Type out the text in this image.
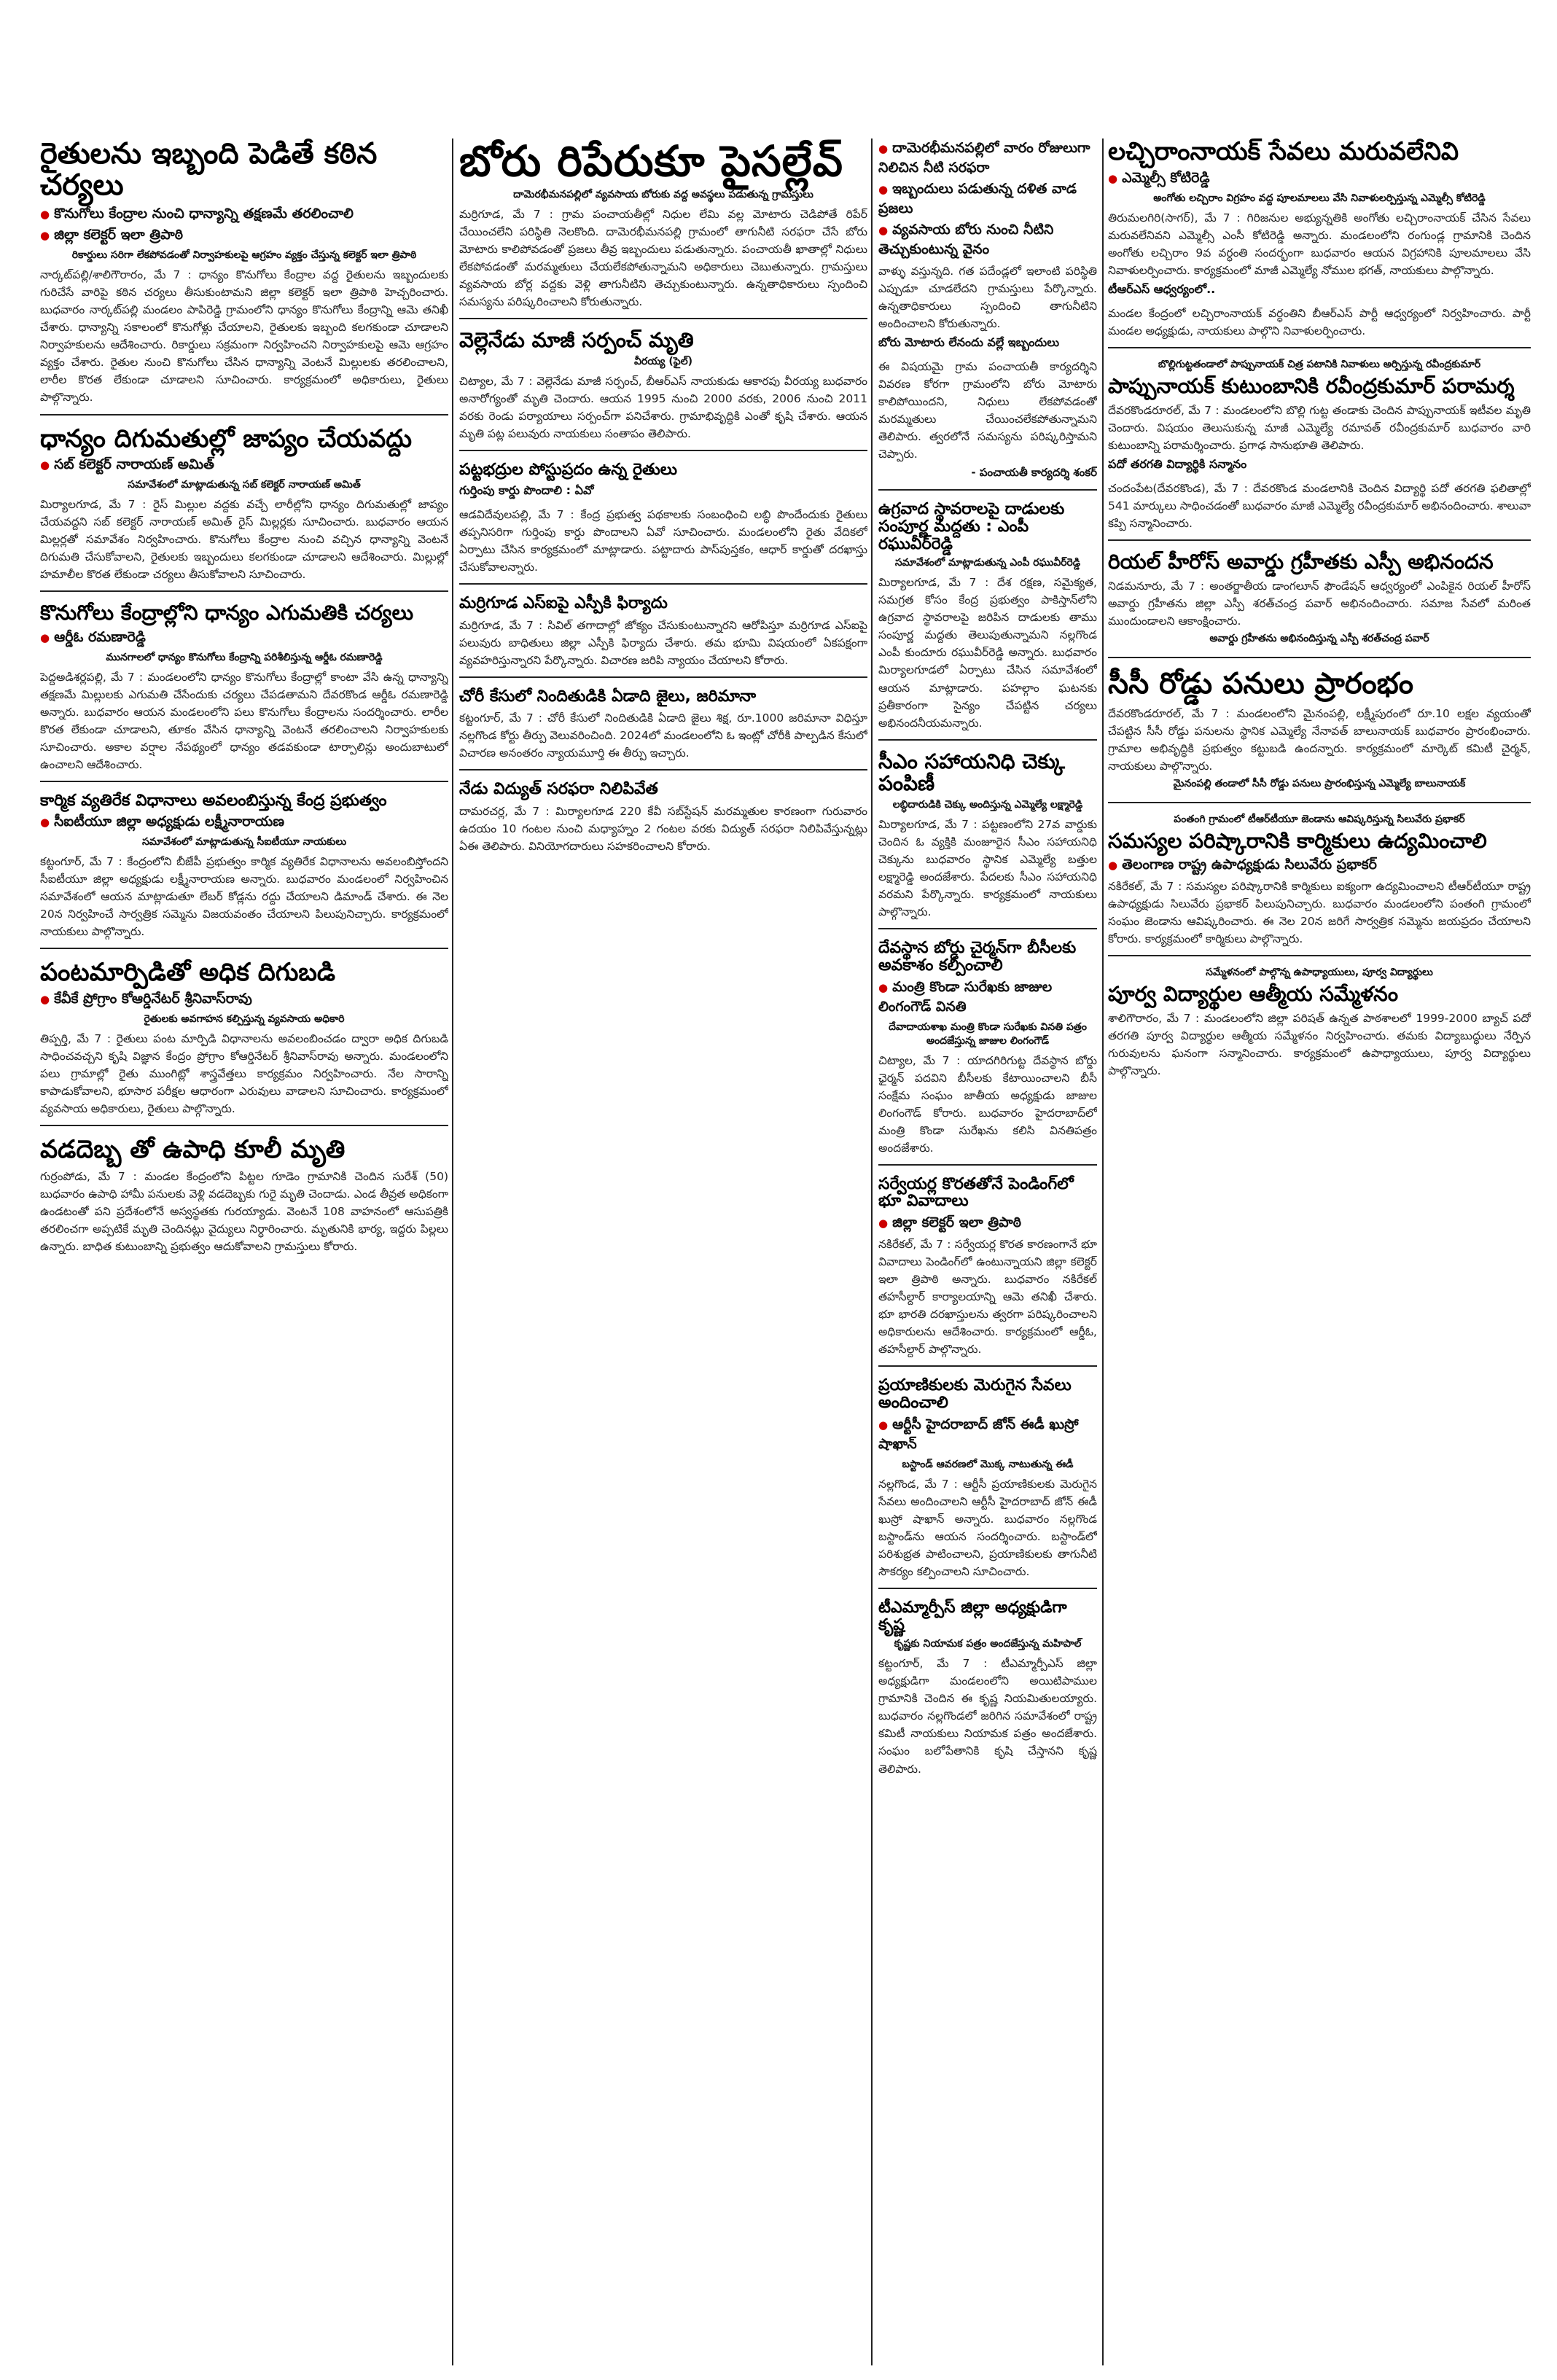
రైతులను ఇబ్బంది పెడితే కఠిన చర్యలు
● కొనుగోలు కేంద్రాల నుంచి ధాన్యాన్ని తక్షణమే తరలించాలి
● జిల్లా కలెక్టర్ ఇలా త్రిపాఠి
రికార్డులు సరిగా లేకపోవడంతో నిర్వాహకులపై ఆగ్రహం వ్యక్తం చేస్తున్న కలెక్టర్ ఇలా త్రిపాఠి
నార్కట్‌పల్లి/శాలిగౌరారం, మే 7 : ధాన్యం కొనుగోలు కేంద్రాల వద్ద రైతులను ఇబ్బందులకు గురిచేసే వారిపై కఠిన చర్యలు తీసుకుంటామని జిల్లా కలెక్టర్ ఇలా త్రిపాఠి హెచ్చరించారు. బుధవారం నార్కట్‌పల్లి మండలం పాపిరెడ్డి గ్రామంలోని ధాన్యం కొనుగోలు కేంద్రాన్ని ఆమె తనిఖీ చేశారు. ధాన్యాన్ని సకాలంలో కొనుగోళ్లు చేయాలని, రైతులకు ఇబ్బంది కలగకుండా చూడాలని నిర్వాహకులను ఆదేశించారు. రికార్డులు సక్రమంగా నిర్వహించని నిర్వాహకులపై ఆమె ఆగ్రహం వ్యక్తం చేశారు. రైతుల నుంచి కొనుగోలు చేసిన ధాన్యాన్ని వెంటనే మిల్లులకు తరలించాలని, లారీల కొరత లేకుండా చూడాలని సూచించారు. కార్యక్రమంలో అధికారులు, రైతులు పాల్గొన్నారు.
ధాన్యం దిగుమతుల్లో జాప్యం చేయవద్దు
● సబ్ కలెక్టర్ నారాయణ్ అమిత్
సమావేశంలో మాట్లాడుతున్న సబ్ కలెక్టర్ నారాయణ్ అమిత్
మిర్యాలగూడ, మే 7 : రైస్ మిల్లుల వద్దకు వచ్చే లారీల్లోని ధాన్యం దిగుమతుల్లో జాప్యం చేయవద్దని సబ్ కలెక్టర్ నారాయణ్ అమిత్ రైస్ మిల్లర్లకు సూచించారు. బుధవారం ఆయన మిల్లర్లతో సమావేశం నిర్వహించారు. కొనుగోలు కేంద్రాల నుంచి వచ్చిన ధాన్యాన్ని వెంటనే దిగుమతి చేసుకోవాలని, రైతులకు ఇబ్బందులు కలగకుండా చూడాలని ఆదేశించారు. మిల్లుల్లో హమాలీల కొరత లేకుండా చర్యలు తీసుకోవాలని సూచించారు.
కొనుగోలు కేంద్రాల్లోని ధాన్యం ఎగుమతికి చర్యలు
● ఆర్డీఓ రమణారెడ్డి
మునగాలలో ధాన్యం కొనుగోలు కేంద్రాన్ని పరిశీలిస్తున్న ఆర్డీఓ రమణారెడ్డి
పెద్దఅడిశర్లపల్లి, మే 7 : మండలంలోని ధాన్యం కొనుగోలు కేంద్రాల్లో కాంటా వేసి ఉన్న ధాన్యాన్ని తక్షణమే మిల్లులకు ఎగుమతి చేసేందుకు చర్యలు చేపడతామని దేవరకొండ ఆర్డీఓ రమణారెడ్డి అన్నారు. బుధవారం ఆయన మండలంలోని పలు కొనుగోలు కేంద్రాలను సందర్శించారు. లారీల కొరత లేకుండా చూడాలని, తూకం వేసిన ధాన్యాన్ని వెంటనే తరలించాలని నిర్వాహకులకు సూచించారు. అకాల వర్షాల నేపథ్యంలో ధాన్యం తడవకుండా టార్పాలిన్లు అందుబాటులో ఉంచాలని ఆదేశించారు.
కార్మిక వ్యతిరేక విధానాలు అవలంబిస్తున్న కేంద్ర ప్రభుత్వం
● సీఐటీయూ జిల్లా అధ్యక్షుడు లక్ష్మీనారాయణ
సమావేశంలో మాట్లాడుతున్న సీఐటీయూ నాయకులు
కట్టంగూర్, మే 7 : కేంద్రంలోని బీజేపీ ప్రభుత్వం కార్మిక వ్యతిరేక విధానాలను అవలంబిస్తోందని సీఐటీయూ జిల్లా అధ్యక్షుడు లక్ష్మీనారాయణ అన్నారు. బుధవారం మండలంలో నిర్వహించిన సమావేశంలో ఆయన మాట్లాడుతూ లేబర్ కోడ్లను రద్దు చేయాలని డిమాండ్ చేశారు. ఈ నెల 20న నిర్వహించే సార్వత్రిక సమ్మెను విజయవంతం చేయాలని పిలుపునిచ్చారు. కార్యక్రమంలో నాయకులు పాల్గొన్నారు.
పంటమార్పిడితో అధిక దిగుబడి
● కేవీకే ప్రోగ్రాం కోఆర్డినేటర్ శ్రీనివాస్‌రావు
రైతులకు అవగాహన కల్పిస్తున్న వ్యవసాయ అధికారి
తిప్పర్తి, మే 7 : రైతులు పంట మార్పిడి విధానాలను అవలంబించడం ద్వారా అధిక దిగుబడి సాధించవచ్చని కృషి విజ్ఞాన కేంద్రం ప్రోగ్రాం కోఆర్డినేటర్ శ్రీనివాస్‌రావు అన్నారు. మండలంలోని పలు గ్రామాల్లో రైతు ముంగిట్లో శాస్త్రవేత్తలు కార్యక్రమం నిర్వహించారు. నేల సారాన్ని కాపాడుకోవాలని, భూసార పరీక్షల ఆధారంగా ఎరువులు వాడాలని సూచించారు. కార్యక్రమంలో వ్యవసాయ అధికారులు, రైతులు పాల్గొన్నారు.
వడదెబ్బ తో ఉపాధి కూలీ మృతి
గుర్రంపోడు, మే 7 : మండల కేంద్రంలోని పిట్టల గూడెం గ్రామానికి చెందిన సురేశ్ (50) బుధవారం ఉపాధి హామీ పనులకు వెళ్లి వడదెబ్బకు గురై మృతి చెందాడు. ఎండ తీవ్రత అధికంగా ఉండటంతో పని ప్రదేశంలోనే అస్వస్థతకు గురయ్యాడు. వెంటనే 108 వాహనంలో ఆసుపత్రికి తరలించగా అప్పటికే మృతి చెందినట్లు వైద్యులు నిర్ధారించారు. మృతునికి భార్య, ఇద్దరు పిల్లలు ఉన్నారు. బాధిత కుటుంబాన్ని ప్రభుత్వం ఆదుకోవాలని గ్రామస్తులు కోరారు.
బోరు రిపేరుకూ పైసల్లేవ్
దామెరభీమనపల్లిలో వ్యవసాయ బోరుకు వద్ద అవస్థలు పడుతున్న గ్రామస్తులు
మర్రిగూడ, మే 7 : గ్రామ పంచాయతీల్లో నిధుల లేమి వల్ల మోటారు చెడిపోతే రిపేర్ చేయించలేని పరిస్థితి నెలకొంది. దామెరభీమనపల్లి గ్రామంలో తాగునీటి సరఫరా చేసే బోరు మోటారు కాలిపోవడంతో ప్రజలు తీవ్ర ఇబ్బందులు పడుతున్నారు. పంచాయతీ ఖాతాల్లో నిధులు లేకపోవడంతో మరమ్మతులు చేయలేకపోతున్నామని అధికారులు చెబుతున్నారు. గ్రామస్తులు వ్యవసాయ బోర్ల వద్దకు వెళ్లి తాగునీటిని తెచ్చుకుంటున్నారు. ఉన్నతాధికారులు స్పందించి సమస్యను పరిష్కరించాలని కోరుతున్నారు.
వెల్లెనేడు మాజీ సర్పంచ్ మృతి
వీరయ్య (ఫైల్)
చిట్యాల, మే 7 : వెల్లెనేడు మాజీ సర్పంచ్, బీఆర్ఎస్ నాయకుడు ఆకారపు వీరయ్య బుధవారం అనారోగ్యంతో మృతి చెందారు. ఆయన 1995 నుంచి 2000 వరకు, 2006 నుంచి 2011 వరకు రెండు పర్యాయాలు సర్పంచ్‌గా పనిచేశారు. గ్రామాభివృద్ధికి ఎంతో కృషి చేశారు. ఆయన మృతి పట్ల పలువురు నాయకులు సంతాపం తెలిపారు.
పట్టభద్రుల పోస్టుప్రదం ఉన్న రైతులు
గుర్తింపు కార్డు పొందాలి : ఏవో
ఆడవిదేవులపల్లి, మే 7 : కేంద్ర ప్రభుత్వ పథకాలకు సంబంధించి లబ్ధి పొందేందుకు రైతులు తప్పనిసరిగా గుర్తింపు కార్డు పొందాలని ఏవో సూచించారు. మండలంలోని రైతు వేదికలో ఏర్పాటు చేసిన కార్యక్రమంలో మాట్లాడారు. పట్టాదారు పాస్‌పుస్తకం, ఆధార్ కార్డుతో దరఖాస్తు చేసుకోవాలన్నారు.
మర్రిగూడ ఎస్ఐపై ఎస్పీకి ఫిర్యాదు
మర్రిగూడ, మే 7 : సివిల్ తగాదాల్లో జోక్యం చేసుకుంటున్నారని ఆరోపిస్తూ మర్రిగూడ ఎస్ఐపై పలువురు బాధితులు జిల్లా ఎస్పీకి ఫిర్యాదు చేశారు. తమ భూమి విషయంలో ఏకపక్షంగా వ్యవహరిస్తున్నారని పేర్కొన్నారు. విచారణ జరిపి న్యాయం చేయాలని కోరారు.
చోరీ కేసులో నిందితుడికి ఏడాది జైలు, జరిమానా
కట్టంగూర్, మే 7 : చోరీ కేసులో నిందితుడికి ఏడాది జైలు శిక్ష, రూ.1000 జరిమానా విధిస్తూ నల్లగొండ కోర్టు తీర్పు వెలువరించింది. 2024లో మండలంలోని ఓ ఇంట్లో చోరీకి పాల్పడిన కేసులో విచారణ అనంతరం న్యాయమూర్తి ఈ తీర్పు ఇచ్చారు.
నేడు విద్యుత్ సరఫరా నిలిపివేత
దామరచర్ల, మే 7 : మిర్యాలగూడ 220 కేవీ సబ్‌స్టేషన్ మరమ్మతుల కారణంగా గురువారం ఉదయం 10 గంటల నుంచి మధ్యాహ్నం 2 గంటల వరకు విద్యుత్ సరఫరా నిలిపివేస్తున్నట్లు ఏఈ తెలిపారు. వినియోగదారులు సహకరించాలని కోరారు.
● దామెరభీమనపల్లిలో వారం రోజులుగా నిలిచిన నీటి సరఫరా
● ఇబ్బందులు పడుతున్న దళిత వాడ ప్రజలు
● వ్యవసాయ బోరు నుంచి నీటిని తెచ్చుకుంటున్న వైనం
వాళ్ళు వస్తున్నది. గత పదేండ్లలో ఇలాంటి పరిస్థితి ఎప్పుడూ చూడలేదని గ్రామస్తులు పేర్కొన్నారు. ఉన్నతాధికారులు స్పందించి తాగునీటిని అందించాలని కోరుతున్నారు.
బోరు మోటారు లేనందు వల్లే ఇబ్బందులు
ఈ విషయమై గ్రామ పంచాయతీ కార్యదర్శిని వివరణ కోరగా గ్రామంలోని బోరు మోటారు కాలిపోయిందని, నిధులు లేకపోవడంతో మరమ్మతులు చేయించలేకపోతున్నామని తెలిపారు. త్వరలోనే సమస్యను పరిష్కరిస్తామని చెప్పారు.
- పంచాయతీ కార్యదర్శి శంకర్
ఉగ్రవాద స్థావరాలపై దాడులకు సంపూర్ణ మద్దతు : ఎంపీ రఘువీర్‌రెడ్డి
సమావేశంలో మాట్లాడుతున్న ఎంపీ రఘువీర్‌రెడ్డి
మిర్యాలగూడ, మే 7 : దేశ రక్షణ, సమైక్యత, సమగ్రత కోసం కేంద్ర ప్రభుత్వం పాకిస్తాన్‌లోని ఉగ్రవాద స్థావరాలపై జరిపిన దాడులకు తాము సంపూర్ణ మద్దతు తెలుపుతున్నామని నల్లగొండ ఎంపీ కుందూరు రఘువీర్‌రెడ్డి అన్నారు. బుధవారం మిర్యాలగూడలో ఏర్పాటు చేసిన సమావేశంలో ఆయన మాట్లాడారు. పహల్గాం ఘటనకు ప్రతీకారంగా సైన్యం చేపట్టిన చర్యలు అభినందనీయమన్నారు.
సీఎం సహాయనిధి చెక్కు పంపిణీ
లబ్ధిదారుడికి చెక్కు అందిస్తున్న ఎమ్మెల్యే లక్ష్మారెడ్డి
మిర్యాలగూడ, మే 7 : పట్టణంలోని 27వ వార్డుకు చెందిన ఓ వ్యక్తికి మంజూరైన సీఎం సహాయనిధి చెక్కును బుధవారం స్థానిక ఎమ్మెల్యే బత్తుల లక్ష్మారెడ్డి అందజేశారు. పేదలకు సీఎం సహాయనిధి వరమని పేర్కొన్నారు. కార్యక్రమంలో నాయకులు పాల్గొన్నారు.
దేవస్థాన బోర్డు చైర్మన్‌గా బీసీలకు అవకాశం కల్పించాలి
● మంత్రి కొండా సురేఖకు జాజుల లింగంగౌడ్ వినతి
దేవాదాయశాఖ మంత్రి కొండా సురేఖకు వినతి పత్రం అందజేస్తున్న జాజుల లింగంగౌడ్
చిట్యాల, మే 7 : యాదగిరిగుట్ట దేవస్థాన బోర్డు ఛైర్మన్ పదవిని బీసీలకు కేటాయించాలని బీసీ సంక్షేమ సంఘం జాతీయ అధ్యక్షుడు జాజుల లింగంగౌడ్ కోరారు. బుధవారం హైదరాబాద్‌లో మంత్రి కొండా సురేఖను కలిసి వినతిపత్రం అందజేశారు.
సర్వేయర్ల కొరతతోనే పెండింగ్‌లో భూ వివాదాలు
● జిల్లా కలెక్టర్ ఇలా త్రిపాఠి
నకిరేకల్, మే 7 : సర్వేయర్ల కొరత కారణంగానే భూ వివాదాలు పెండింగ్‌లో ఉంటున్నాయని జిల్లా కలెక్టర్ ఇలా త్రిపాఠి అన్నారు. బుధవారం నకిరేకల్ తహసీల్దార్ కార్యాలయాన్ని ఆమె తనిఖీ చేశారు. భూ భారతి దరఖాస్తులను త్వరగా పరిష్కరించాలని అధికారులను ఆదేశించారు. కార్యక్రమంలో ఆర్డీఓ, తహసీల్దార్ పాల్గొన్నారు.
ప్రయాణికులకు మెరుగైన సేవలు అందించాలి
● ఆర్టీసీ హైదరాబాద్ జోన్ ఈడీ ఖుస్రో షాఖాన్
బస్టాండ్ ఆవరణలో మొక్క నాటుతున్న ఈడీ
నల్లగొండ, మే 7 : ఆర్టీసీ ప్రయాణికులకు మెరుగైన సేవలు అందించాలని ఆర్టీసీ హైదరాబాద్ జోన్ ఈడీ ఖుస్రో షాఖాన్ అన్నారు. బుధవారం నల్లగొండ బస్టాండ్‌ను ఆయన సందర్శించారు. బస్టాండ్‌లో పరిశుభ్రత పాటించాలని, ప్రయాణికులకు తాగునీటి సౌకర్యం కల్పించాలని సూచించారు.
టీఎమ్మార్పీస్ జిల్లా అధ్యక్షుడిగా కృష్ణ
కృష్ణకు నియామక పత్రం అందజేస్తున్న మహిపాల్
కట్టంగూర్, మే 7 : టీఎమ్మార్పీఎస్ జిల్లా అధ్యక్షుడిగా మండలంలోని అయిటిపాముల గ్రామానికి చెందిన ఈ కృష్ణ నియమితులయ్యారు. బుధవారం నల్లగొండలో జరిగిన సమావేశంలో రాష్ట్ర కమిటీ నాయకులు నియామక పత్రం అందజేశారు. సంఘం బలోపేతానికి కృషి చేస్తానని కృష్ణ తెలిపారు.
లచ్చిరాంనాయక్ సేవలు మరువలేనివి
● ఎమ్మెల్సీ కోటిరెడ్డి
అంగోతు లచ్చిరాం విగ్రహం వద్ద పూలమాలలు వేసి నివాళులర్పిస్తున్న ఎమ్మెల్సీ కోటిరెడ్డి
తిరుమలగిరి(సాగర్), మే 7 : గిరిజనుల అభ్యున్నతికి అంగోతు లచ్చిరాంనాయక్ చేసిన సేవలు మరువలేనివని ఎమ్మెల్సీ ఎంసీ కోటిరెడ్డి అన్నారు. మండలంలోని రంగుండ్ల గ్రామానికి చెందిన అంగోతు లచ్చిరాం 9వ వర్ధంతి సందర్భంగా బుధవారం ఆయన విగ్రహానికి పూలమాలలు వేసి నివాళులర్పించారు. కార్యక్రమంలో మాజీ ఎమ్మెల్యే నోముల భగత్, నాయకులు పాల్గొన్నారు.
టీఆర్ఎస్ ఆధ్వర్యంలో..
మండల కేంద్రంలో లచ్చిరాంనాయక్ వర్ధంతిని బీఆర్ఎస్ పార్టీ ఆధ్వర్యంలో నిర్వహించారు. పార్టీ మండల అధ్యక్షుడు, నాయకులు పాల్గొని నివాళులర్పించారు.
బొల్లిగుట్టతండాలో పాప్పునాయక్ చిత్ర పటానికి నివాళులు అర్పిస్తున్న రవీంద్రకుమార్
పాప్పునాయక్ కుటుంబానికి రవీంద్రకుమార్ పరామర్శ
దేవరకొండరూరల్, మే 7 : మండలంలోని బొల్లి గుట్ట తండాకు చెందిన పాప్పునాయక్ ఇటీవల మృతి చెందారు. విషయం తెలుసుకున్న మాజీ ఎమ్మెల్యే రమావత్ రవీంద్రకుమార్ బుధవారం వారి కుటుంబాన్ని పరామర్శించారు. ప్రగాఢ సానుభూతి తెలిపారు.
పదో తరగతి విద్యార్థికి సన్మానం
చందంపేట(దేవరకొండ), మే 7 : దేవరకొండ మండలానికి చెందిన విద్యార్థి పదో తరగతి ఫలితాల్లో 541 మార్కులు సాధించడంతో బుధవారం మాజీ ఎమ్మెల్యే రవీంద్రకుమార్ అభినందించారు. శాలువా కప్పి సన్మానించారు.
రియల్ హీరోస్ అవార్డు గ్రహీతకు ఎస్పీ అభినందన
నిడమనూరు, మే 7 : అంతర్జాతీయ డాంగలూన్ ఫౌండేషన్ ఆధ్వర్యంలో ఎంపికైన రియల్ హీరోస్ అవార్డు గ్రహీతను జిల్లా ఎస్పీ శరత్‌చంద్ర పవార్ అభినందించారు. సమాజ సేవలో మరింత ముందుండాలని ఆకాంక్షించారు.
అవార్డు గ్రహీతను అభినందిస్తున్న ఎస్పీ శరత్‌చంద్ర పవార్
సీసీ రోడ్డు పనులు ప్రారంభం
దేవరకొండరూరల్, మే 7 : మండలంలోని మైనంపల్లి, లక్ష్మీపురంలో రూ.10 లక్షల వ్యయంతో చేపట్టిన సీసీ రోడ్డు పనులను స్థానిక ఎమ్మెల్యే నేనావత్ బాలునాయక్ బుధవారం ప్రారంభించారు. గ్రామాల అభివృద్ధికి ప్రభుత్వం కట్టుబడి ఉందన్నారు. కార్యక్రమంలో మార్కెట్ కమిటీ చైర్మన్, నాయకులు పాల్గొన్నారు.
మైనంపల్లి తండాలో సీసీ రోడ్డు పనులు ప్రారంభిస్తున్న ఎమ్మెల్యే బాలునాయక్
పంతంగి గ్రామంలో టీఆర్‌టీయూ జెండాను ఆవిష్కరిస్తున్న సిలువేరు ప్రభాకర్
సమస్యల పరిష్కారానికి కార్మికులు ఉద్యమించాలి
● తెలంగాణ రాష్ట్ర ఉపాధ్యక్షుడు సిలువేరు ప్రభాకర్
నకిరేకల్, మే 7 : సమస్యల పరిష్కారానికి కార్మికులు ఐక్యంగా ఉద్యమించాలని టీఆర్‌టీయూ రాష్ట్ర ఉపాధ్యక్షుడు సిలువేరు ప్రభాకర్ పిలుపునిచ్చారు. బుధవారం మండలంలోని పంతంగి గ్రామంలో సంఘం జెండాను ఆవిష్కరించారు. ఈ నెల 20న జరిగే సార్వత్రిక సమ్మెను జయప్రదం చేయాలని కోరారు. కార్యక్రమంలో కార్మికులు పాల్గొన్నారు.
సమ్మేళనంలో పాల్గొన్న ఉపాధ్యాయులు, పూర్వ విద్యార్థులు
పూర్వ విద్యార్థుల ఆత్మీయ సమ్మేళనం
శాలిగౌరారం, మే 7 : మండలంలోని జిల్లా పరిషత్ ఉన్నత పాఠశాలలో 1999-2000 బ్యాచ్ పదో తరగతి పూర్వ విద్యార్థుల ఆత్మీయ సమ్మేళనం నిర్వహించారు. తమకు విద్యాబుద్ధులు నేర్పిన గురువులను ఘనంగా సన్మానించారు. కార్యక్రమంలో ఉపాధ్యాయులు, పూర్వ విద్యార్థులు పాల్గొన్నారు.
